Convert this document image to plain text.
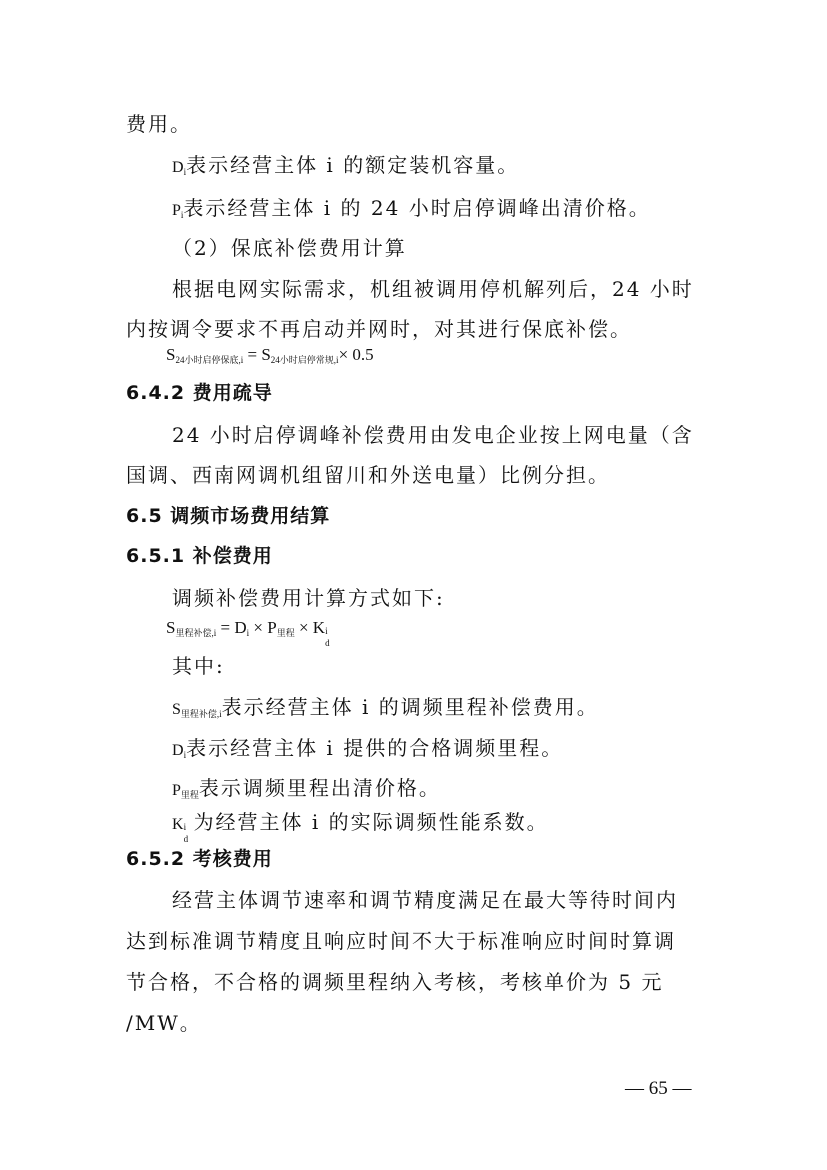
费用。
$D_i$表示经营主体 i 的额定装机容量。
$P_i$表示经营主体 i 的 24 小时启停调峰出清价格。
（2）保底补偿费用计算
根据电网实际需求，机组被调用停机解列后，24 小时
内按调令要求不再启动并网时，对其进行保底补偿。
$S_{24小时启停保底,i} = S_{24小时启停常规,i}\times 0.5$
6.4.2 费用疏导
24 小时启停调峰补偿费用由发电企业按上网电量（含
国调、西南网调机组留川和外送电量）比例分担。
6.5 调频市场费用结算
6.5.1 补偿费用
调频补偿费用计算方式如下:
$S_{里程补偿,i} = D_i \times P_{里程} \times K$ i
d
其中:
$S_{里程补偿,i}$表示经营主体 i 的调频里程补偿费用。
$D_i$表示经营主体 i 提供的合格调频里程。
$P_{里程}$表示调频里程出清价格。
K i
d
为经营主体 i 的实际调频性能系数。
6.5.2 考核费用
经营主体调节速率和调节精度满足在最大等待时间内
达到标准调节精度且响应时间不大于标准响应时间时算调
节合格，不合格的调频里程纳入考核，考核单价为 5 元
/MW。
— 65 —
